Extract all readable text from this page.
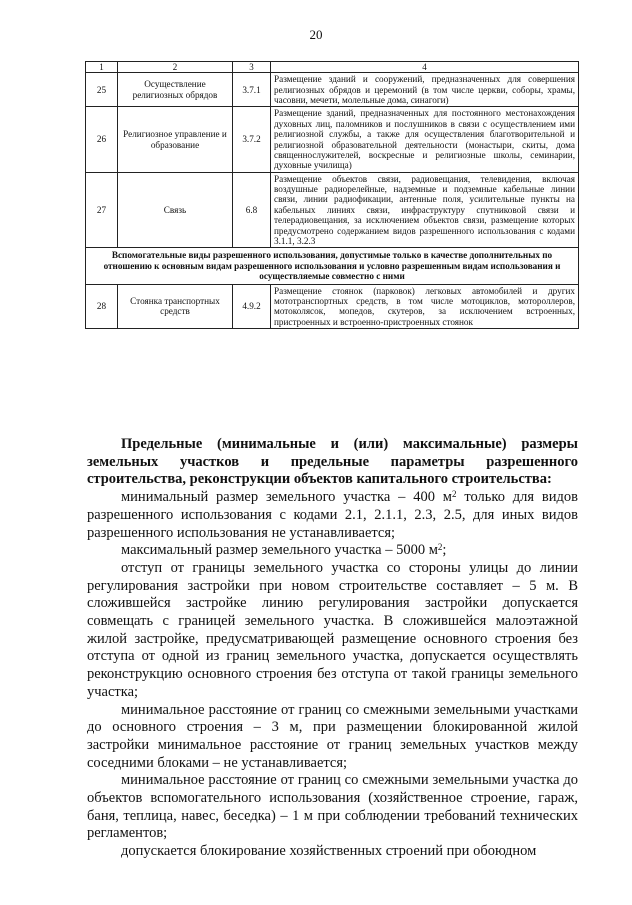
20
1	2	3	4
25	Осуществление религиозных обрядов	3.7.1	Размещение зданий и сооружений, предназначенных для совершения религиозных обрядов и церемоний (в том числе церкви, соборы, храмы, часовни, мечети, молельные дома, синагоги)
26	Религиозное управление и образование	3.7.2	Размещение зданий, предназначенных для постоянного местонахождения духовных лиц, паломников и послушников в связи с осуществлением ими религиозной службы, а также для осуществления благотворительной и религиозной образовательной деятельности (монастыри, скиты, дома священнослужителей, воскресные и религиозные школы, семинарии, духовные училища)
27	Связь	6.8	Размещение объектов связи, радиовещания, телевидения, включая воздушные радиорелейные, надземные и подземные кабельные линии связи, линии радиофикации, антенные поля, усилительные пункты на кабельных линиях связи, инфраструктуру спутниковой связи и телерадиовещания, за исключением объектов связи, размещение которых предусмотрено содержанием видов разрешенного использования с кодами 3.1.1, 3.2.3
Вспомогательные виды разрешенного использования, допустимые только в качестве дополнительных по отношению к основным видам разрешенного использования и условно разрешенным видам использования и осуществляемые совместно с ними			
28	Стоянка транспортных средств	4.9.2	Размещение стоянок (парковок) легковых автомобилей и других мототранспортных средств, в том числе мотоциклов, мотороллеров, мотоколясок, мопедов, скутеров, за исключением встроенных, пристроенных и встроенно-пристроенных стоянок

Предельные (минимальные и (или) максимальные) размеры земельных участков и предельные параметры разрешенного строительства, реконструкции объектов капитального строительства:

минимальный размер земельного участка – 400 $м^2$ только для видов разрешенного использования с кодами 2.1, 2.1.1, 2.3, 2.5, для иных видов разрешенного использования не устанавливается;

максимальный размер земельного участка – 5000 $м^2$;

отступ от границы земельного участка со стороны улицы до линии регулирования застройки при новом строительстве составляет – 5 м. В сложившейся застройке линию регулирования застройки допускается совмещать с границей земельного участка. В сложившейся малоэтажной жилой застройке, предусматривающей размещение основного строения без отступа от одной из границ земельного участка, допускается осуществлять реконструкцию основного строения без отступа от такой границы земельного участка;

минимальное расстояние от границ со смежными земельными участками до основного строения – 3 м, при размещении блокированной жилой застройки минимальное расстояние от границ земельных участков между соседними блоками – не устанавливается;

минимальное расстояние от границ со смежными земельными участка до объектов вспомогательного использования (хозяйственное строение, гараж, баня, теплица, навес, беседка) – 1 м при соблюдении требований технических регламентов;

допускается блокирование хозяйственных строений при обоюдном
